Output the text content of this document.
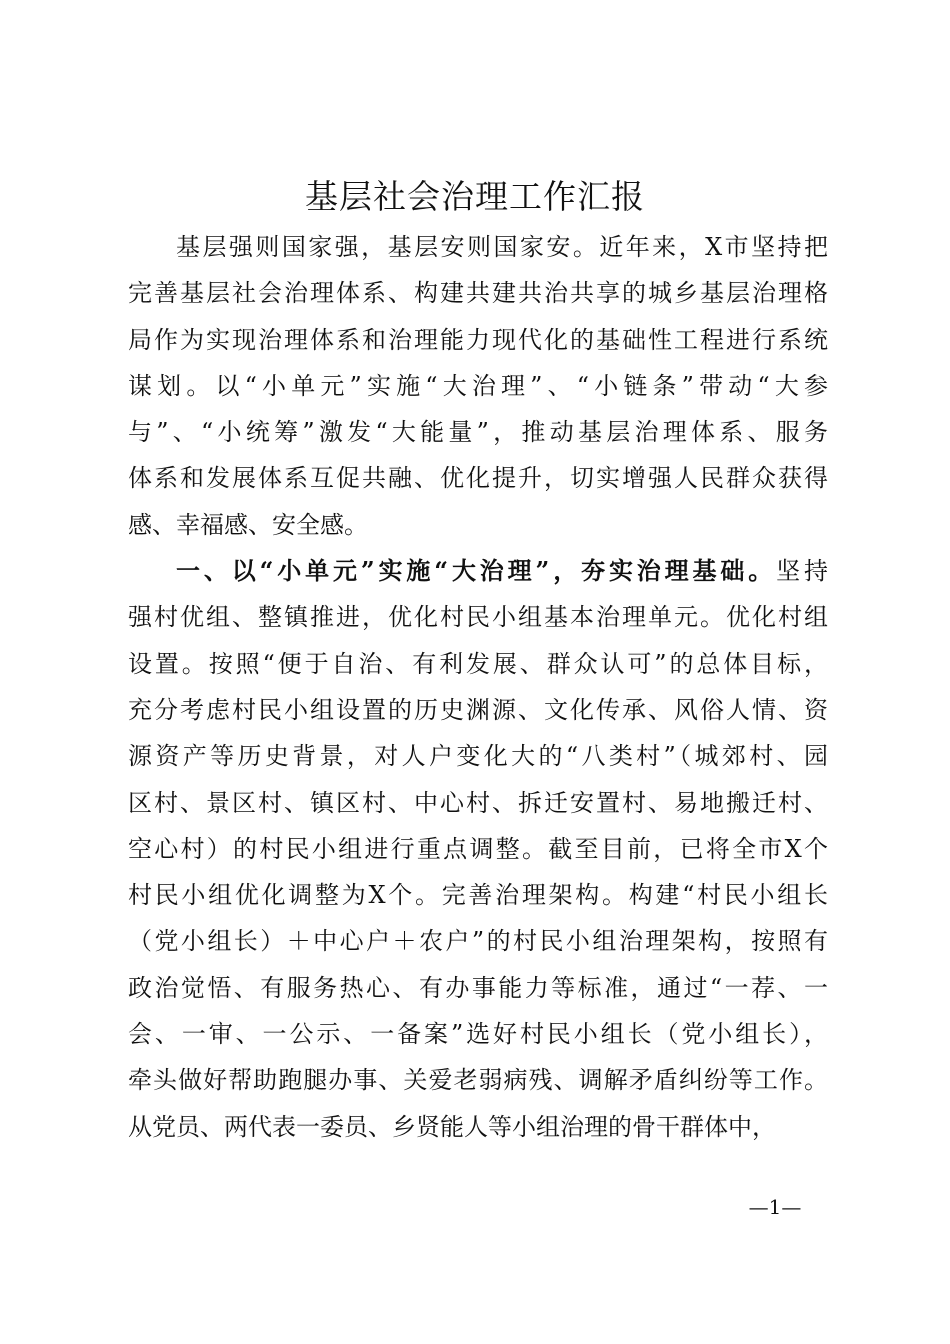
基层社会治理工作汇报
基层强则国家强，基层安则国家安。近年来，X市坚持把
完善基层社会治理体系、构建共建共治共享的城乡基层治理格
局作为实现治理体系和治理能力现代化的基础性工程进行系统
谋划。以“小单元”实施“大治理”、“小链条”带动“大参
与”、“小统筹”激发“大能量”，推动基层治理体系、服务
体系和发展体系互促共融、优化提升，切实增强人民群众获得
感、幸福感、安全感。
一、以“小单元”实施“大治理”，夯实治理基础。坚持
强村优组、整镇推进，优化村民小组基本治理单元。优化村组
设置。按照“便于自治、有利发展、群众认可”的总体目标，
充分考虑村民小组设置的历史渊源、文化传承、风俗人情、资
源资产等历史背景，对人户变化大的“八类村”（城郊村、园
区村、景区村、镇区村、中心村、拆迁安置村、易地搬迁村、
空心村）的村民小组进行重点调整。截至目前，已将全市X个
村民小组优化调整为X个。完善治理架构。构建“村民小组长
（党小组长）＋中心户＋农户”的村民小组治理架构，按照有
政治觉悟、有服务热心、有办事能力等标准，通过“一荐、一
会、一审、一公示、一备案”选好村民小组长（党小组长），
牵头做好帮助跑腿办事、关爱老弱病残、调解矛盾纠纷等工作。
从党员、两代表一委员、乡贤能人等小组治理的骨干群体中，
—1—
